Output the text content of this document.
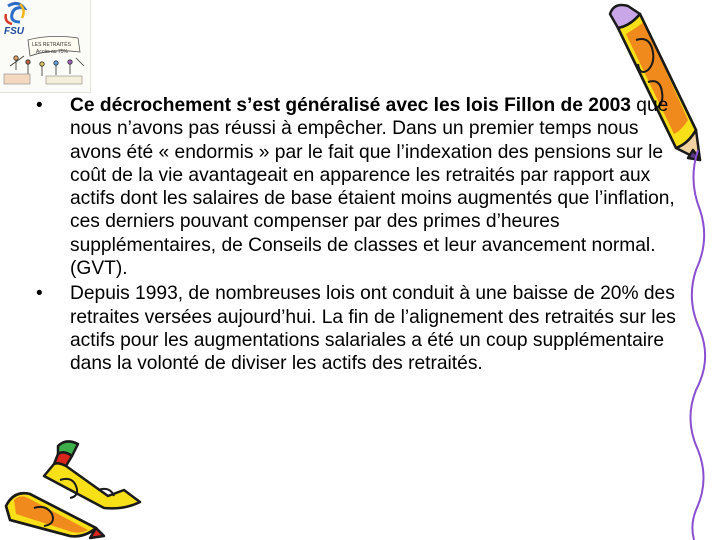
FSU
LES RETRAITÉS
Accès au 75%
• Ce décrochement s’est généralisé avec les lois Fillon de 2003 que nous n’avons pas réussi à empêcher. Dans un premier temps nous avons été « endormis » par le fait que l’indexation des pensions sur le coût de la vie avantageait en apparence les retraités par rapport aux actifs dont les salaires de base étaient moins augmentés que l’inflation, ces derniers pouvant compenser par des primes d’heures supplémentaires, de Conseils de classes et leur avancement normal. (GVT).
• Depuis 1993, de nombreuses lois ont conduit à une baisse de 20% des retraites versées aujourd’hui. La fin de l’alignement des retraités sur les actifs pour les augmentations salariales a été un coup supplémentaire dans la volonté de diviser les actifs des retraités.
